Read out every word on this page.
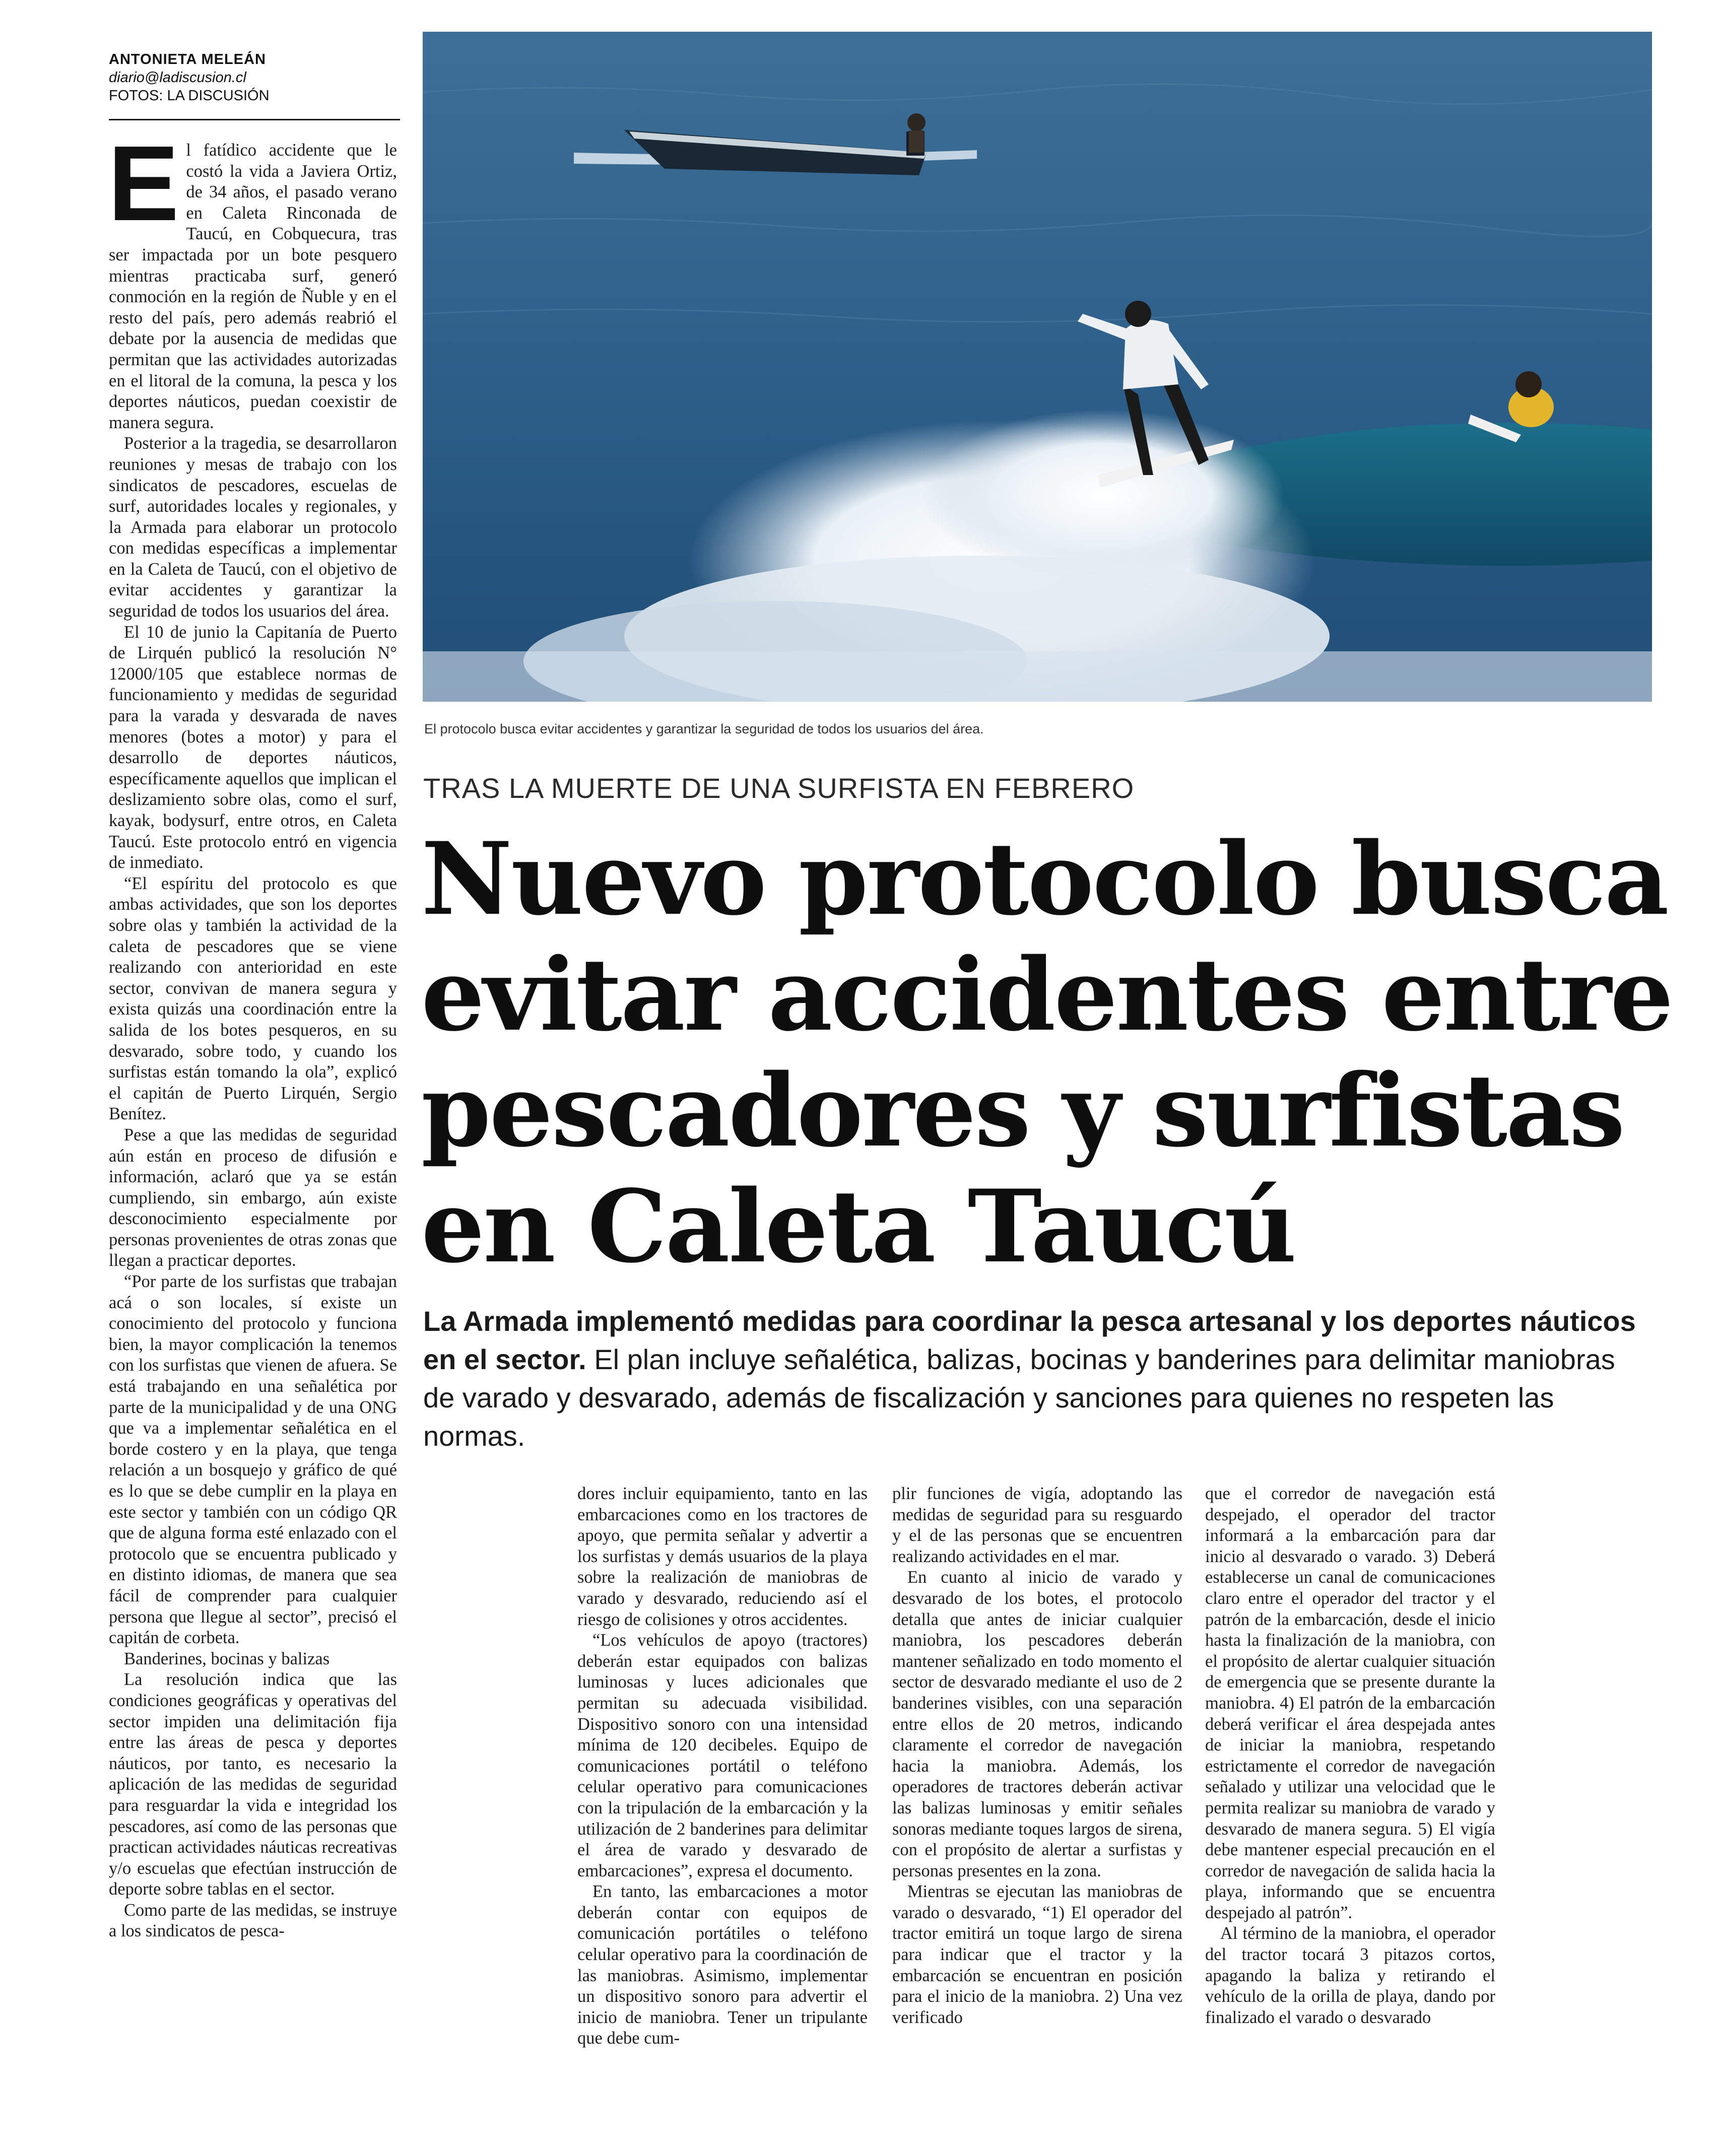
ANTONIETA MELEÁN
diario@ladiscusion.cl
FOTOS: LA DISCUSIÓN

El fatídico accidente que le costó la vida a Javiera Ortiz, de 34 años, el pasado verano en Caleta Rinconada de Taucú, en Cobquecura, tras ser impactada por un bote pesquero mientras practicaba surf, generó conmoción en la región de Ñuble y en el resto del país, pero además reabrió el debate por la ausencia de medidas que permitan que las actividades autorizadas en el litoral de la comuna, la pesca y los deportes náuticos, puedan coexistir de manera segura.

Posterior a la tragedia, se desarrollaron reuniones y mesas de trabajo con los sindicatos de pescadores, escuelas de surf, autoridades locales y regionales, y la Armada para elaborar un protocolo con medidas específicas a implementar en la Caleta de Taucú, con el objetivo de evitar accidentes y garantizar la seguridad de todos los usuarios del área.

El 10 de junio la Capitanía de Puerto de Lirquén publicó la resolución N° 12000/105 que establece normas de funcionamiento y medidas de seguridad para la varada y desvarada de naves menores (botes a motor) y para el desarrollo de deportes náuticos, específicamente aquellos que implican el deslizamiento sobre olas, como el surf, kayak, bodysurf, entre otros, en Caleta Taucú. Este protocolo entró en vigencia de inmediato.

“El espíritu del protocolo es que ambas actividades, que son los deportes sobre olas y también la actividad de la caleta de pescadores que se viene realizando con anterioridad en este sector, convivan de manera segura y exista quizás una coordinación entre la salida de los botes pesqueros, en su desvarado, sobre todo, y cuando los surfistas están tomando la ola”, explicó el capitán de Puerto Lirquén, Sergio Benítez.

Pese a que las medidas de seguridad aún están en proceso de difusión e información, aclaró que ya se están cumpliendo, sin embargo, aún existe desconocimiento especialmente por personas provenientes de otras zonas que llegan a practicar deportes.

“Por parte de los surfistas que trabajan acá o son locales, sí existe un conocimiento del protocolo y funciona bien, la mayor complicación la tenemos con los surfistas que vienen de afuera. Se está trabajando en una señalética por parte de la municipalidad y de una ONG que va a implementar señalética en el borde costero y en la playa, que tenga relación a un bosquejo y gráfico de qué es lo que se debe cumplir en la playa en este sector y también con un código QR que de alguna forma esté enlazado con el protocolo que se encuentra publicado y en distinto idiomas, de manera que sea fácil de comprender para cualquier persona que llegue al sector”, precisó el capitán de corbeta.

Banderines, bocinas y balizas

La resolución indica que las condiciones geográficas y operativas del sector impiden una delimitación fija entre las áreas de pesca y deportes náuticos, por tanto, es necesario la aplicación de las medidas de seguridad para resguardar la vida e integridad los pescadores, así como de las personas que practican actividades náuticas recreativas y/o escuelas que efectúan instrucción de deporte sobre tablas en el sector.

Como parte de las medidas, se instruye a los sindicatos de pesca-

El protocolo busca evitar accidentes y garantizar la seguridad de todos los usuarios del área.
TRAS LA MUERTE DE UNA SURFISTA EN FEBRERO
Nuevo protocolo busca
evitar accidentes entre
pescadores y surfistas
en Caleta Taucú
La Armada implementó medidas para coordinar la pesca artesanal y los deportes náuticos en el sector. El plan incluye señalética, balizas, bocinas y banderines para delimitar maniobras de varado y desvarado, además de fiscalización y sanciones para quienes no respeten las normas.

dores incluir equipamiento, tanto en las embarcaciones como en los tractores de apoyo, que permita señalar y advertir a los surfistas y demás usuarios de la playa sobre la realización de maniobras de varado y desvarado, reduciendo así el riesgo de colisiones y otros accidentes.

“Los vehículos de apoyo (tractores) deberán estar equipados con balizas luminosas y luces adicionales que permitan su adecuada visibilidad. Dispositivo sonoro con una intensidad mínima de 120 decibeles. Equipo de comunicaciones portátil o teléfono celular operativo para comunicaciones con la tripulación de la embarcación y la utilización de 2 banderines para delimitar el área de varado y desvarado de embarcaciones”, expresa el documento.

En tanto, las embarcaciones a motor deberán contar con equipos de comunicación portátiles o teléfono celular operativo para la coordinación de las maniobras. Asimismo, implementar un dispositivo sonoro para advertir el inicio de maniobra. Tener un tripulante que debe cum-

plir funciones de vigía, adoptando las medidas de seguridad para su resguardo y el de las personas que se encuentren realizando actividades en el mar.

En cuanto al inicio de varado y desvarado de los botes, el protocolo detalla que antes de iniciar cualquier maniobra, los pescadores deberán mantener señalizado en todo momento el sector de desvarado mediante el uso de 2 banderines visibles, con una separación entre ellos de 20 metros, indicando claramente el corredor de navegación hacia la maniobra. Además, los operadores de tractores deberán activar las balizas luminosas y emitir señales sonoras mediante toques largos de sirena, con el propósito de alertar a surfistas y personas presentes en la zona.

Mientras se ejecutan las maniobras de varado o desvarado, “1) El operador del tractor emitirá un toque largo de sirena para indicar que el tractor y la embarcación se encuentran en posición para el inicio de la maniobra. 2) Una vez verificado

que el corredor de navegación está despejado, el operador del tractor informará a la embarcación para dar inicio al desvarado o varado. 3) Deberá establecerse un canal de comunicaciones claro entre el operador del tractor y el patrón de la embarcación, desde el inicio hasta la finalización de la maniobra, con el propósito de alertar cualquier situación de emergencia que se presente durante la maniobra. 4) El patrón de la embarcación deberá verificar el área despejada antes de iniciar la maniobra, respetando estrictamente el corredor de navegación señalado y utilizar una velocidad que le permita realizar su maniobra de varado y desvarado de manera segura. 5) El vigía debe mantener especial precaución en el corredor de navegación de salida hacia la playa, informando que se encuentra despejado al patrón”.

Al término de la maniobra, el operador del tractor tocará 3 pitazos cortos, apagando la baliza y retirando el vehículo de la orilla de playa, dando por finalizado el varado o desvarado
